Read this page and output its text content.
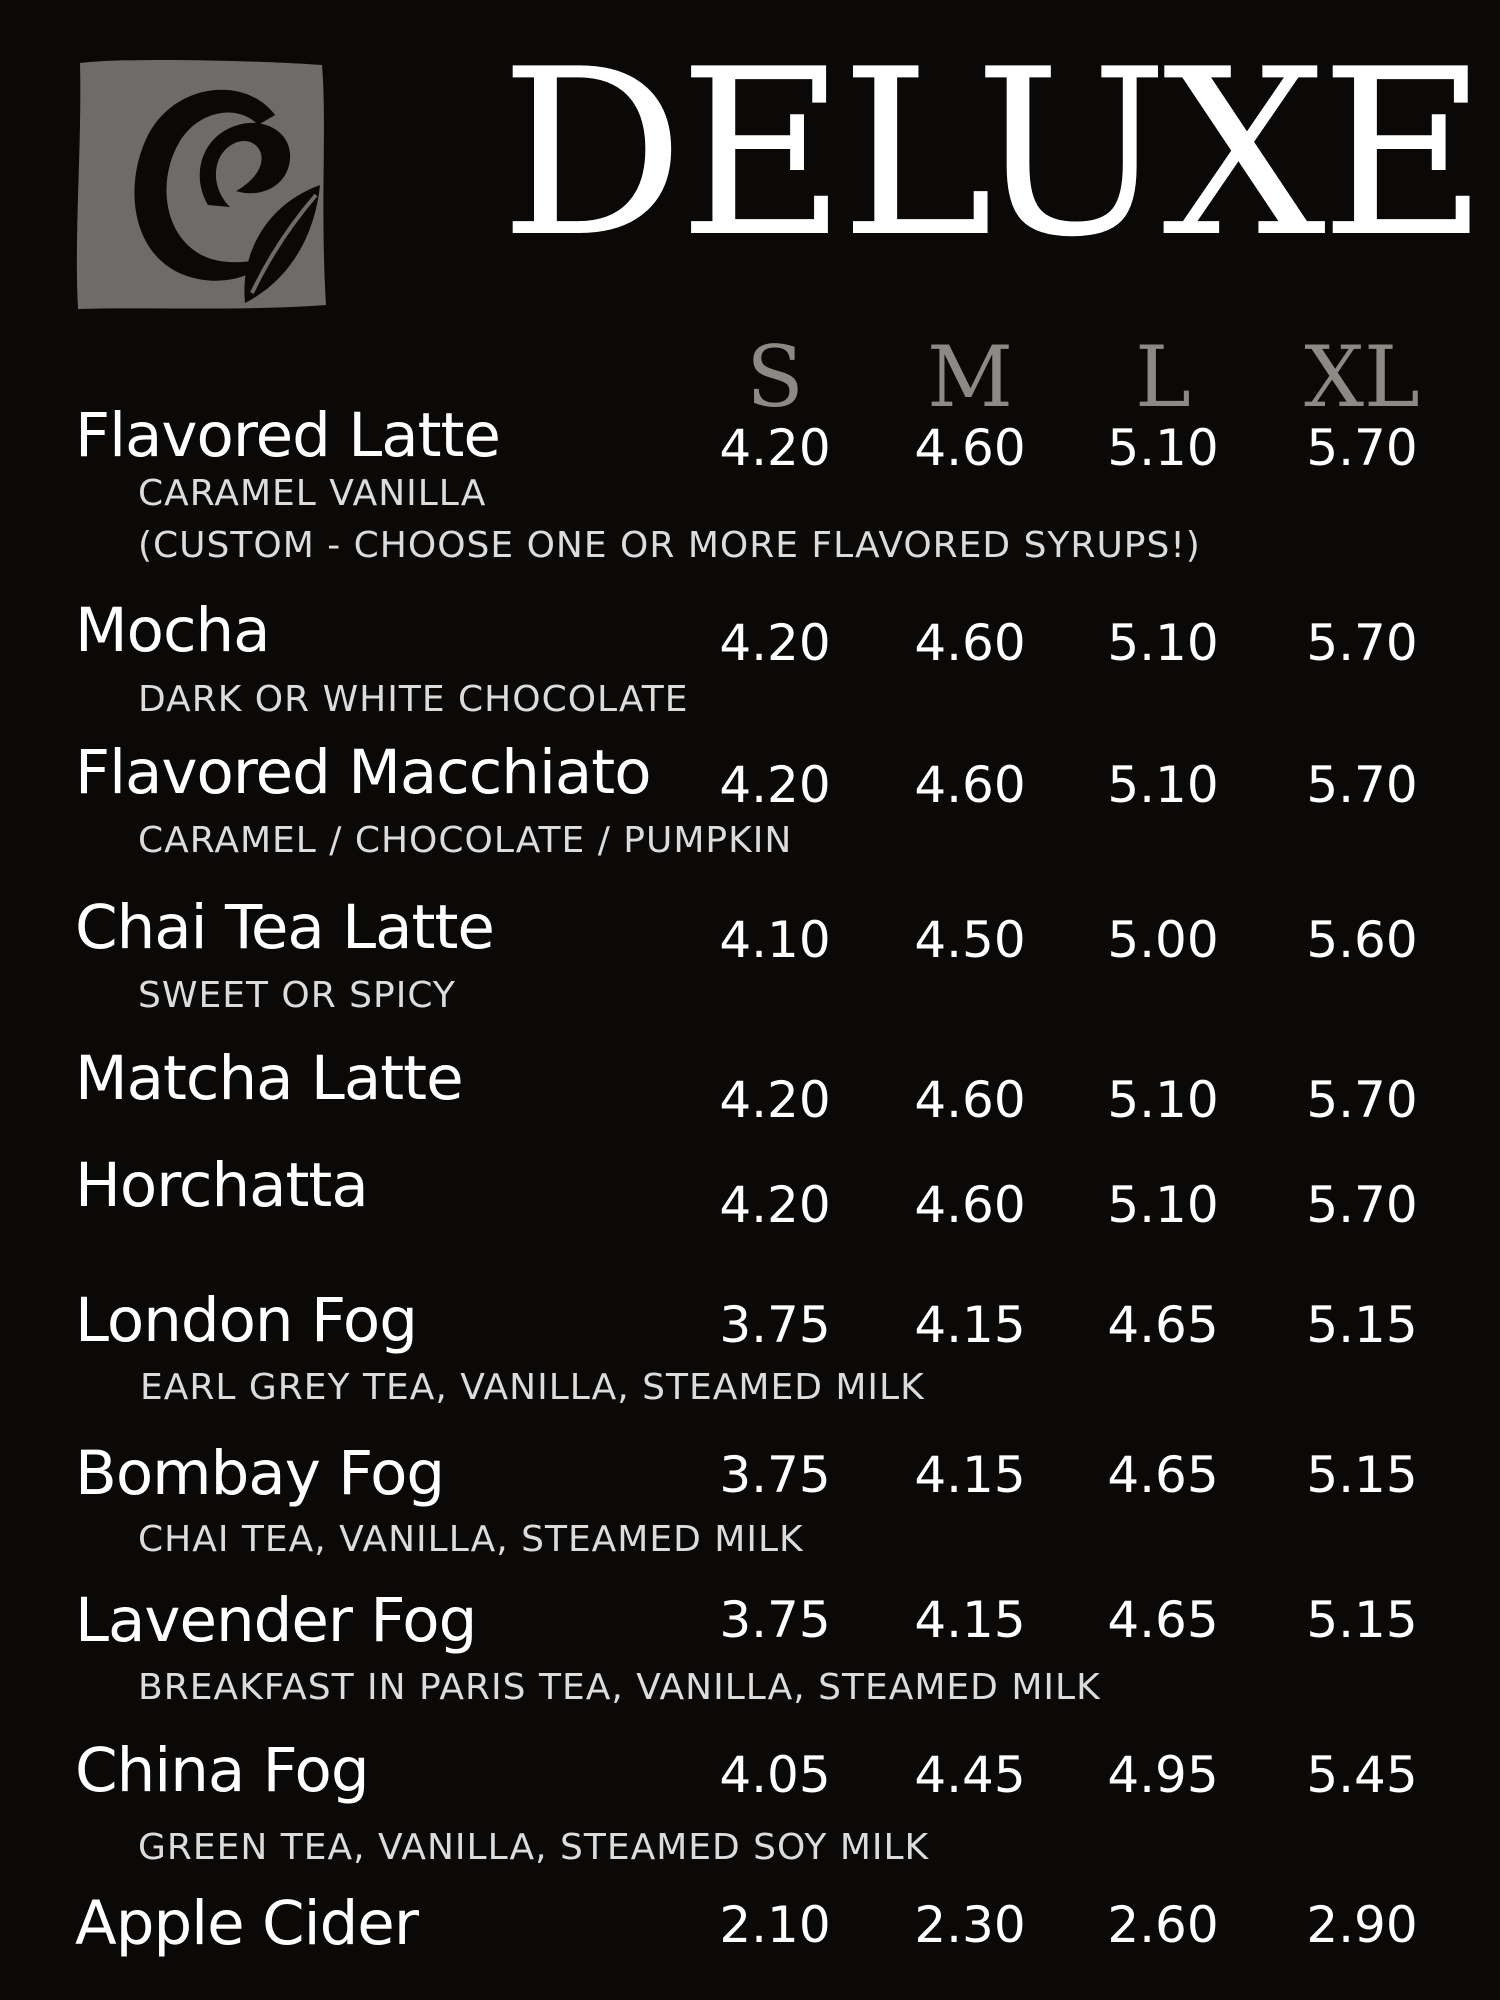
DELUXE
S	M	L	XL
Flavored Latte
CARAMEL VANILLA
(CUSTOM - CHOOSE ONE OR MORE FLAVORED SYRUPS!)
4.20 4.60 5.10 5.70
Mocha
DARK OR WHITE CHOCOLATE
4.20 4.60 5.10 5.70
Flavored Macchiato
CARAMEL / CHOCOLATE / PUMPKIN
4.20 4.60 5.10 5.70
Chai Tea Latte
SWEET OR SPICY
4.10 4.50 5.00 5.60
Matcha Latte	4.20 4.60 5.10 5.70
Horchatta	4.20 4.60 5.10 5.70
London Fog
EARL GREY TEA, VANILLA, STEAMED MILK
3.75 4.15 4.65 5.15
Bombay Fog
CHAI TEA, VANILLA, STEAMED MILK
3.75 4.15 4.65 5.15
Lavender Fog
BREAKFAST IN PARIS TEA, VANILLA, STEAMED MILK
3.75 4.15 4.65 5.15
China Fog
GREEN TEA, VANILLA, STEAMED SOY MILK
4.05 4.45 4.95 5.45
Apple Cider	2.10 2.30 2.60 2.90
